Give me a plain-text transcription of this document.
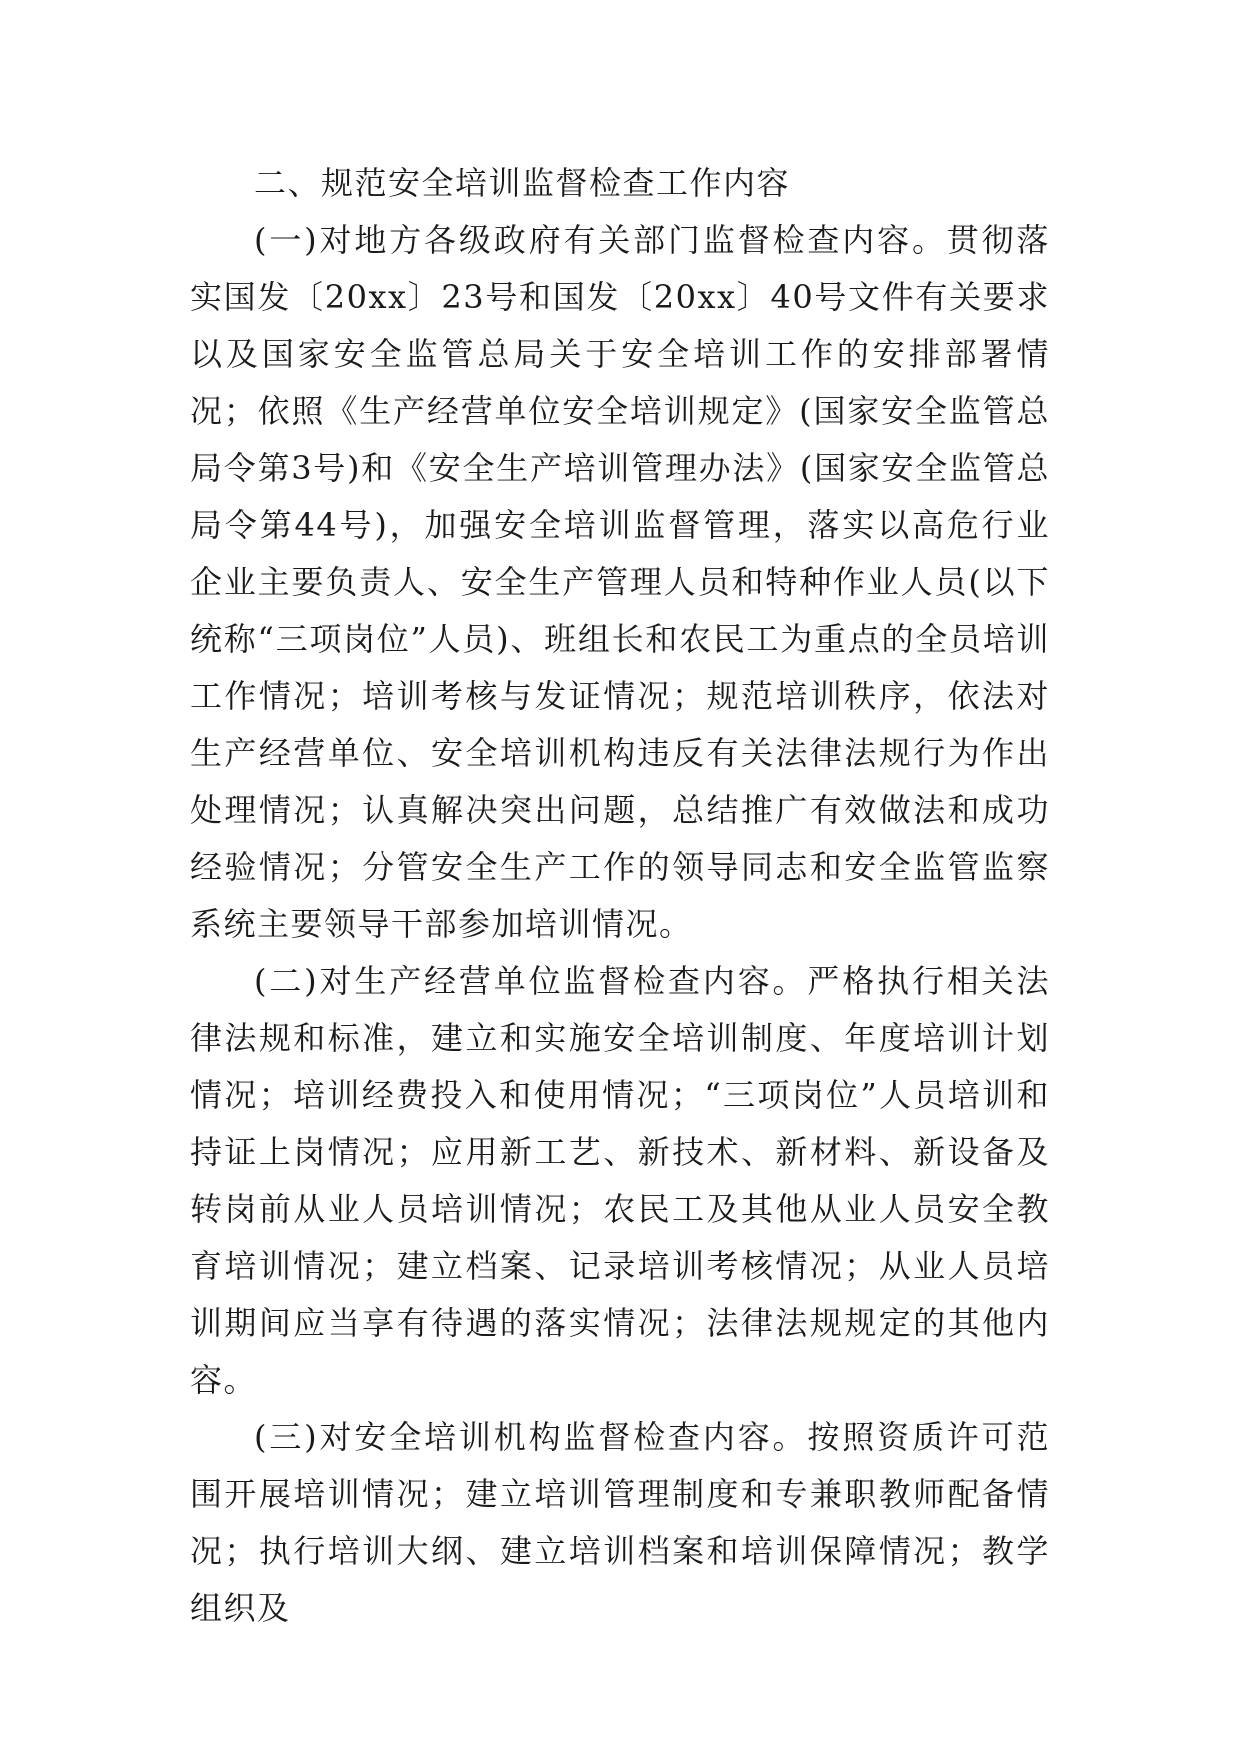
二、规范安全培训监督检查工作内容

(一)对地方各级政府有关部门监督检查内容。贯彻落实国发〔20xx〕23号和国发〔20xx〕40号文件有关要求以及国家安全监管总局关于安全培训工作的安排部署情况；依照《生产经营单位安全培训规定》(国家安全监管总局令第3号)和《安全生产培训管理办法》(国家安全监管总局令第44号)，加强安全培训监督管理，落实以高危行业企业主要负责人、安全生产管理人员和特种作业人员(以下统称“三项岗位”人员)、班组长和农民工为重点的全员培训工作情况；培训考核与发证情况；规范培训秩序，依法对生产经营单位、安全培训机构违反有关法律法规行为作出处理情况；认真解决突出问题，总结推广有效做法和成功经验情况；分管安全生产工作的领导同志和安全监管监察系统主要领导干部参加培训情况。

(二)对生产经营单位监督检查内容。严格执行相关法律法规和标准，建立和实施安全培训制度、年度培训计划情况；培训经费投入和使用情况；“三项岗位”人员培训和持证上岗情况；应用新工艺、新技术、新材料、新设备及转岗前从业人员培训情况；农民工及其他从业人员安全教育培训情况；建立档案、记录培训考核情况；从业人员培训期间应当享有待遇的落实情况；法律法规规定的其他内容。

(三)对安全培训机构监督检查内容。按照资质许可范围开展培训情况；建立培训管理制度和专兼职教师配备情况；执行培训大纲、建立培训档案和培训保障情况；教学组织及
